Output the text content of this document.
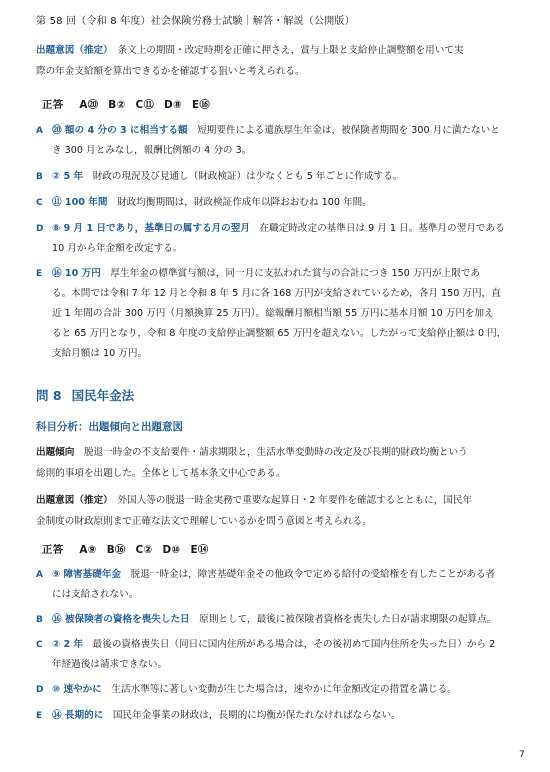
第 58 回（令和 8 年度）社会保険労務士試験｜解答・解説（公開版）
出題意図（推定）　条文上の期間・改定時期を正確に押さえ，賞与上限と支給停止調整額を用いて実
際の年金支給額を算出できるかを確認する狙いと考えられる。
正答 A⑳ B② C⑪ D⑧ E⑯
A ⑳ 額の 4 分の 3 に相当する額　短期要件による遺族厚生年金は，被保険者期間を 300 月に満たないと
き 300 月とみなし，報酬比例額の 4 分の 3。
B ② 5 年　財政の現況及び見通し（財政検証）は少なくとも 5 年ごとに作成する。
C ⑪ 100 年間　財政均衡期間は，財政検証作成年以降おおむね 100 年間。
D ⑧ 9 月 1 日であり，基準日の属する月の翌月　在職定時改定の基準日は 9 月 1 日。基準月の翌月である
10 月から年金額を改定する。
E ⑯ 10 万円　厚生年金の標準賞与額は，同一月に支払われた賞与の合計につき 150 万円が上限であ
る。本問では令和 7 年 12 月と令和 8 年 5 月に各 168 万円が支給されているため，各月 150 万円，直
近 1 年間の合計 300 万円（月額換算 25 万円）。総報酬月額相当額 55 万円に基本月額 10 万円を加え
ると 65 万円となり，令和 8 年度の支給停止調整額 65 万円を超えない。したがって支給停止額は 0 円，
支給月額は 10 万円。
問 8 国民年金法
科目分析：出題傾向と出題意図
出題傾向　脱退一時金の不支給要件・請求期限と，生活水準変動時の改定及び長期的財政均衡という
総則的事項を出題した。全体として基本条文中心である。
出題意図（推定）　外国人等の脱退一時金実務で重要な起算日・2 年要件を確認するとともに，国民年
金制度の財政原則まで正確な法文で理解しているかを問う意図と考えられる。
正答 A⑨ B⑯ C② D⑩ E⑭
A ⑨ 障害基礎年金　脱退一時金は，障害基礎年金その他政令で定める給付の受給権を有したことがある者
には支給されない。
B ⑯ 被保険者の資格を喪失した日　原則として，最後に被保険者資格を喪失した日が請求期限の起算点。
C ② 2 年　最後の資格喪失日（同日に国内住所がある場合は，その後初めて国内住所を失った日）から 2
年経過後は請求できない。
D ⑩ 速やかに　生活水準等に著しい変動が生じた場合は，速やかに年金額改定の措置を講じる。
E ⑭ 長期的に　国民年金事業の財政は，長期的に均衡が保たれなければならない。
7
